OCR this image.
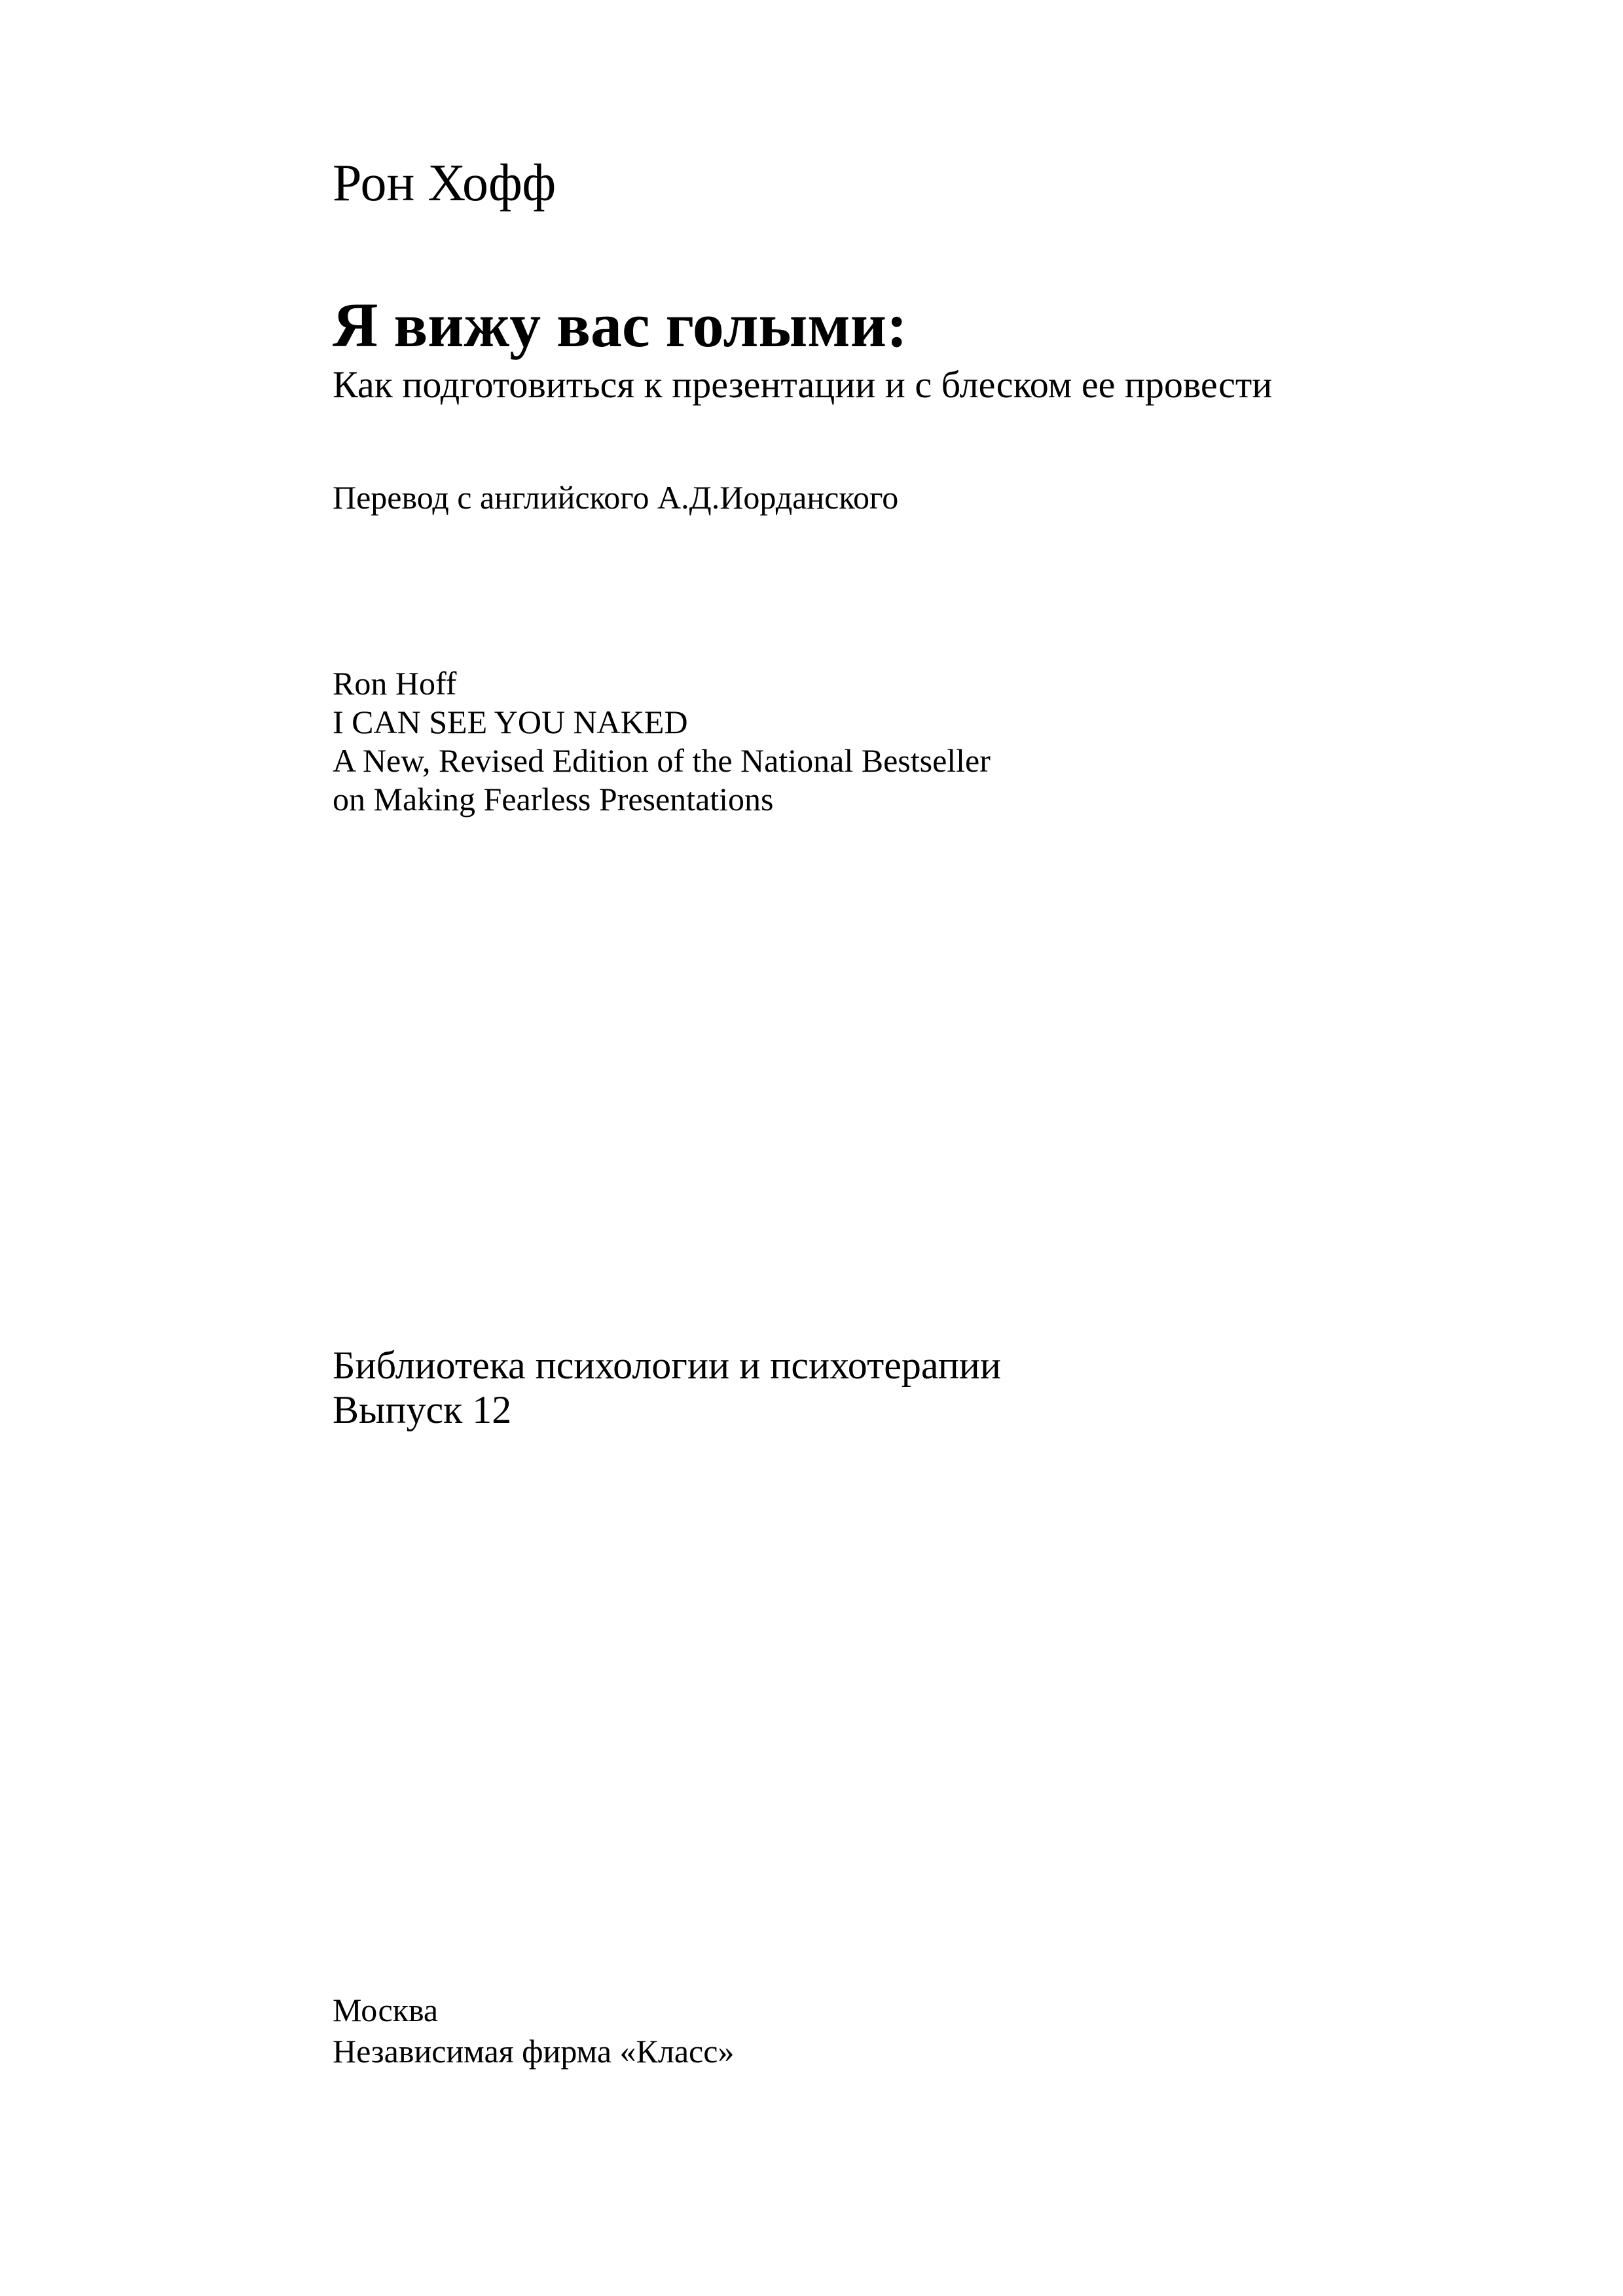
Рон Хофф
Я вижу вас голыми:
Как подготовиться к презентации и с блеском ее провести
Перевод с английского А.Д.Иорданского
Ron Hoff
I CAN SEE YOU NAKED
A New, Revised Edition of the National Bestseller
on Making Fearless Presentations
Библиотека психологии и психотерапии
Выпуск 12
Москва
Независимая фирма «Класс»
